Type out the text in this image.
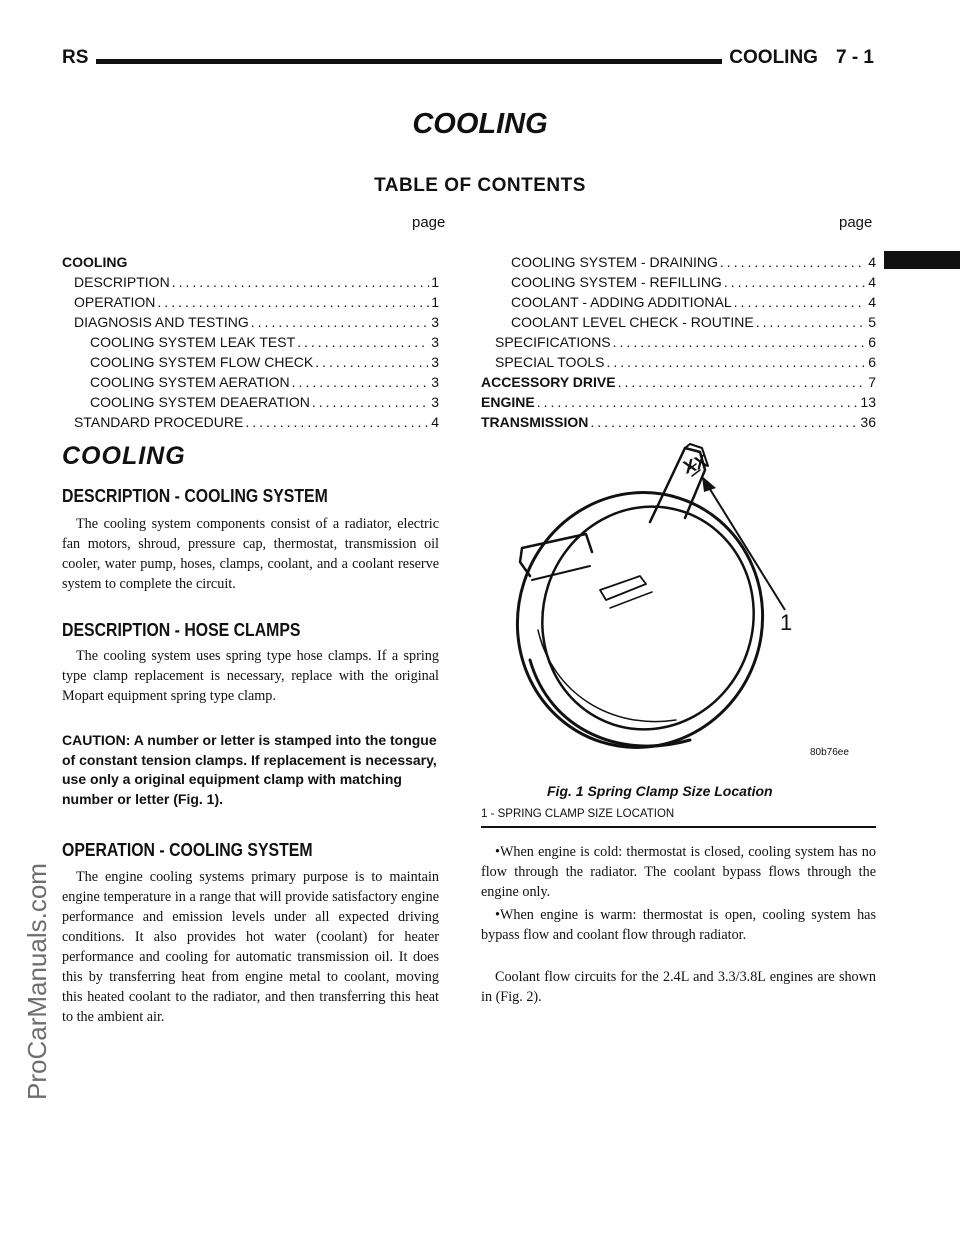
RS	COOLING 7 - 1
ProCarManuals.com
COOLING
TABLE OF CONTENTS
page	page
COOLING
DESCRIPTION .....	1
OPERATION .....	1
DIAGNOSIS AND TESTING .....	3
COOLING SYSTEM LEAK TEST .....	3
COOLING SYSTEM FLOW CHECK .....	3
COOLING SYSTEM AERATION .....	3
COOLING SYSTEM DEAERATION .....	3
STANDARD PROCEDURE .....	4
COOLING SYSTEM - DRAINING .....	4
COOLING SYSTEM - REFILLING .....	4
COOLANT - ADDING ADDITIONAL .....	4
COOLANT LEVEL CHECK - ROUTINE .....	5
SPECIFICATIONS .....	6
SPECIAL TOOLS .....	6
ACCESSORY DRIVE .....	7
ENGINE .....	13
TRANSMISSION .....	36
COOLING
DESCRIPTION - COOLING SYSTEM
The cooling system components consist of a radiator, electric fan motors, shroud, pressure cap, thermostat, transmission oil cooler, water pump, hoses, clamps, coolant, and a coolant reserve system to complete the circuit.
DESCRIPTION - HOSE CLAMPS
The cooling system uses spring type hose clamps. If a spring type clamp replacement is necessary, replace with the original Mopart equipment spring type clamp.
CAUTION: A number or letter is stamped into the tongue of constant tension clamps. If replacement is necessary, use only a original equipment clamp with matching number or letter (Fig. 1).
OPERATION - COOLING SYSTEM
The engine cooling systems primary purpose is to maintain engine temperature in a range that will provide satisfactory engine performance and emission levels under all expected driving conditions. It also provides hot water (coolant) for heater performance and cooling for automatic transmission oil. It does this by transferring heat from engine metal to coolant, moving this heated coolant to the radiator, and then transferring this heat to the ambient air.
XX
1
80b76ee
Fig. 1 Spring Clamp Size Location
1 - SPRING CLAMP SIZE LOCATION
•When engine is cold: thermostat is closed, cooling system has no flow through the radiator. The coolant bypass flows through the engine only.
•When engine is warm: thermostat is open, cooling system has bypass flow and coolant flow through radiator.
Coolant flow circuits for the 2.4L and 3.3/3.8L engines are shown in (Fig. 2).
